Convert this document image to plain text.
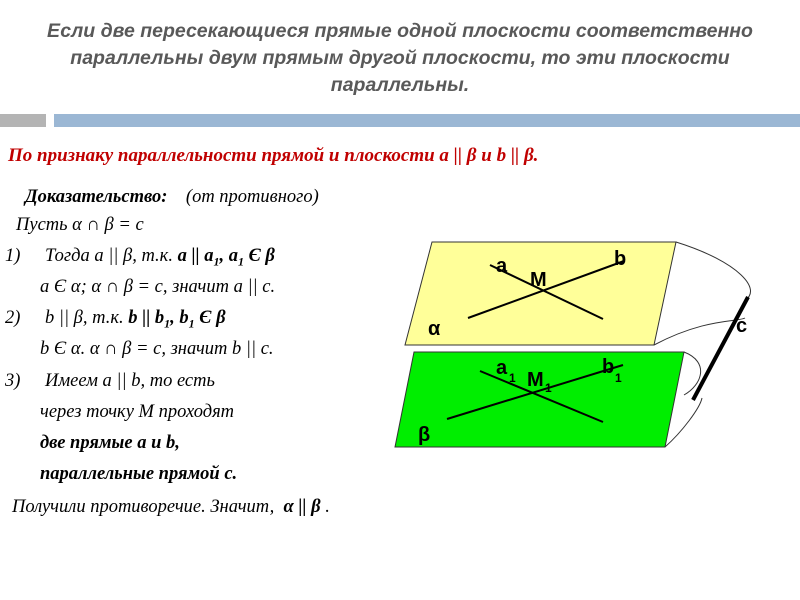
Если две пересекающиеся прямые одной плоскости соответственно параллельны двум прямым другой плоскости, то эти плоскости параллельны.
По признаку параллельности прямой и плоскости a || β и b || β.
Доказательство: (от противного)
Пусть α ∩ β = с
1) Тогда а || β, т.к. а || $а_1$, $а_1$ Є β
а Є α; α ∩ β = с, значит а || с.
2) b || β, т.к. b || $b_1$, $b_1$ Є β
b Є α. α ∩ β = с, значит b || с.
3) Имеем а || b, то есть
через точку М проходят
две прямые а и b,
параллельные прямой с.
Получили противоречие. Значит, α || β .
a
M
b
α
a 1 M 1
b 1
β
c
